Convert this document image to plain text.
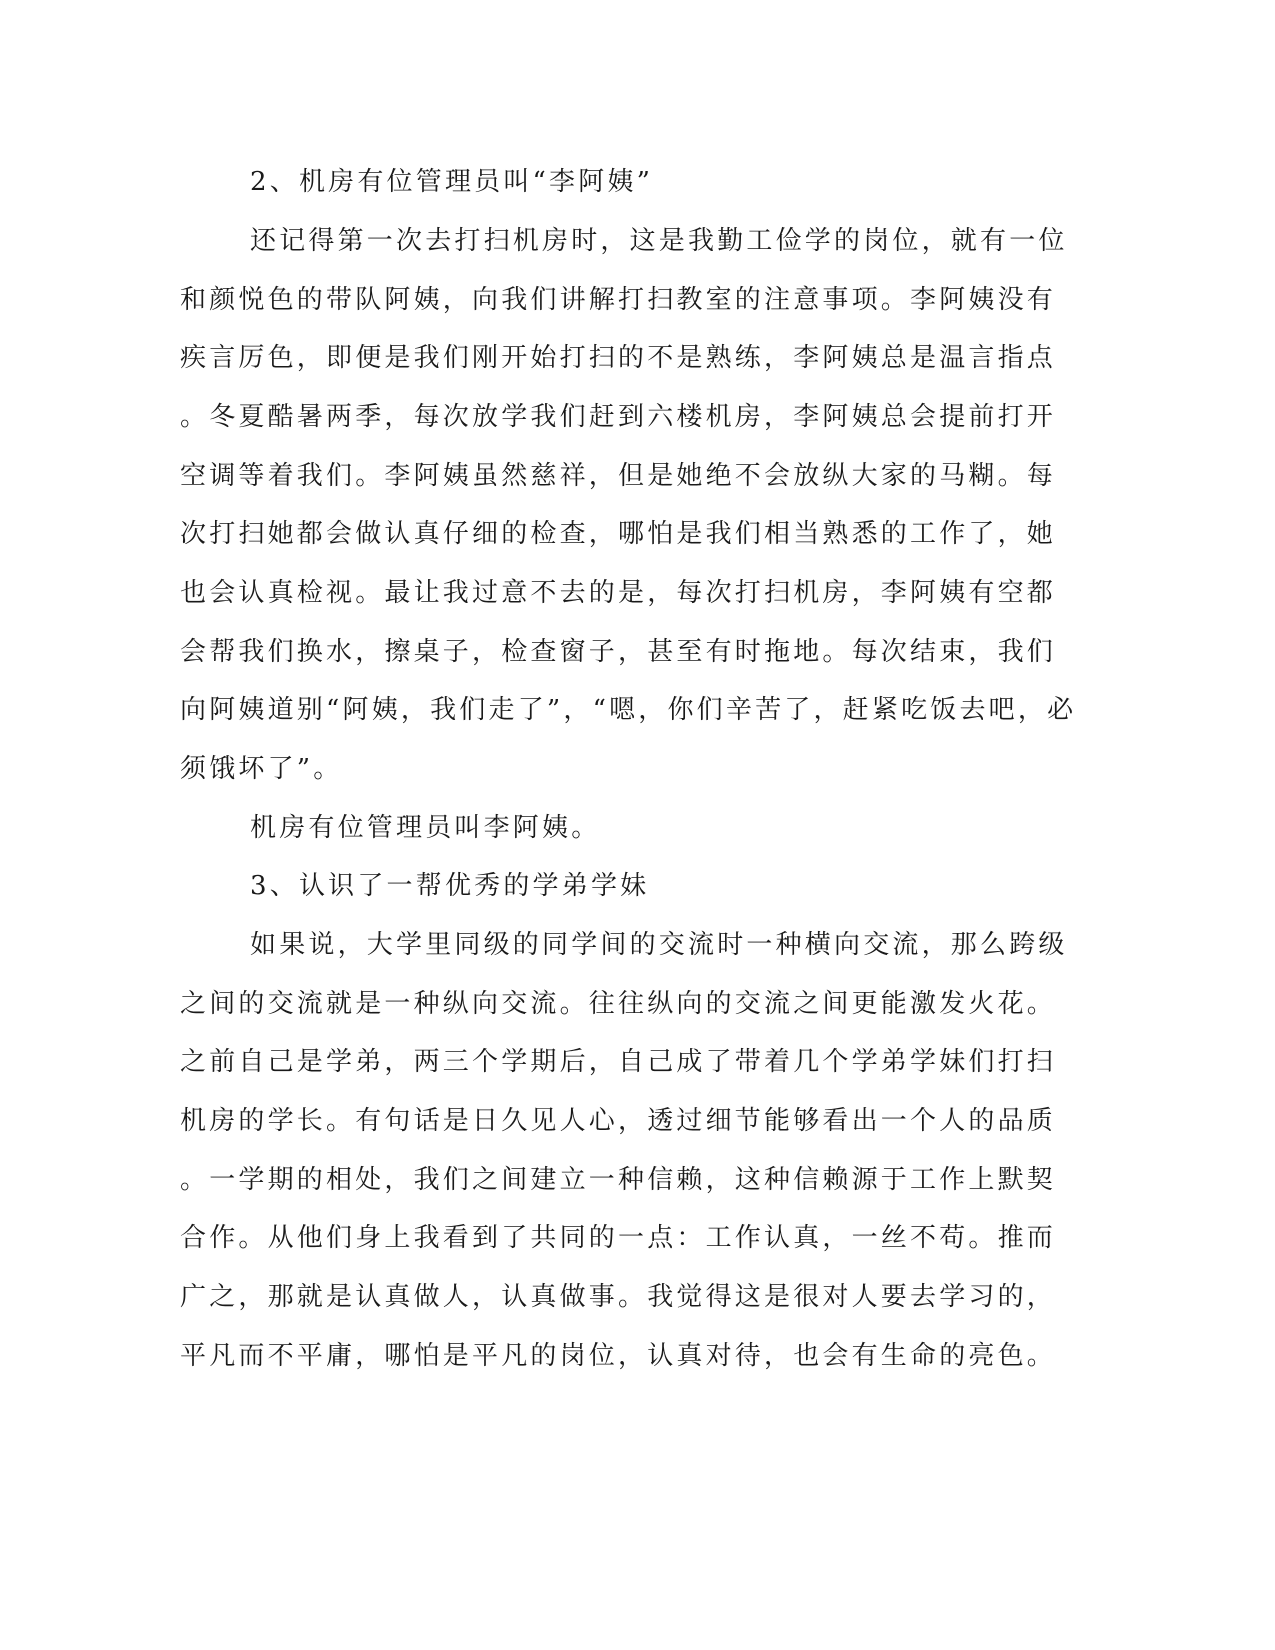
2、机房有位管理员叫“李阿姨”
还记得第一次去打扫机房时，这是我勤工俭学的岗位，就有一位
和颜悦色的带队阿姨，向我们讲解打扫教室的注意事项。李阿姨没有
疾言厉色，即便是我们刚开始打扫的不是熟练，李阿姨总是温言指点
。冬夏酷暑两季，每次放学我们赶到六楼机房，李阿姨总会提前打开
空调等着我们。李阿姨虽然慈祥，但是她绝不会放纵大家的马糊。每
次打扫她都会做认真仔细的检查，哪怕是我们相当熟悉的工作了，她
也会认真检视。最让我过意不去的是，每次打扫机房，李阿姨有空都
会帮我们换水，擦桌子，检查窗子，甚至有时拖地。每次结束，我们
向阿姨道别“阿姨，我们走了”，“嗯，你们辛苦了，赶紧吃饭去吧，必
须饿坏了”。
机房有位管理员叫李阿姨。
3、认识了一帮优秀的学弟学妹
如果说，大学里同级的同学间的交流时一种横向交流，那么跨级
之间的交流就是一种纵向交流。往往纵向的交流之间更能激发火花。
之前自己是学弟，两三个学期后，自己成了带着几个学弟学妹们打扫
机房的学长。有句话是日久见人心，透过细节能够看出一个人的品质
。一学期的相处，我们之间建立一种信赖，这种信赖源于工作上默契
合作。从他们身上我看到了共同的一点：工作认真，一丝不苟。推而
广之，那就是认真做人，认真做事。我觉得这是很对人要去学习的，
平凡而不平庸，哪怕是平凡的岗位，认真对待，也会有生命的亮色。
